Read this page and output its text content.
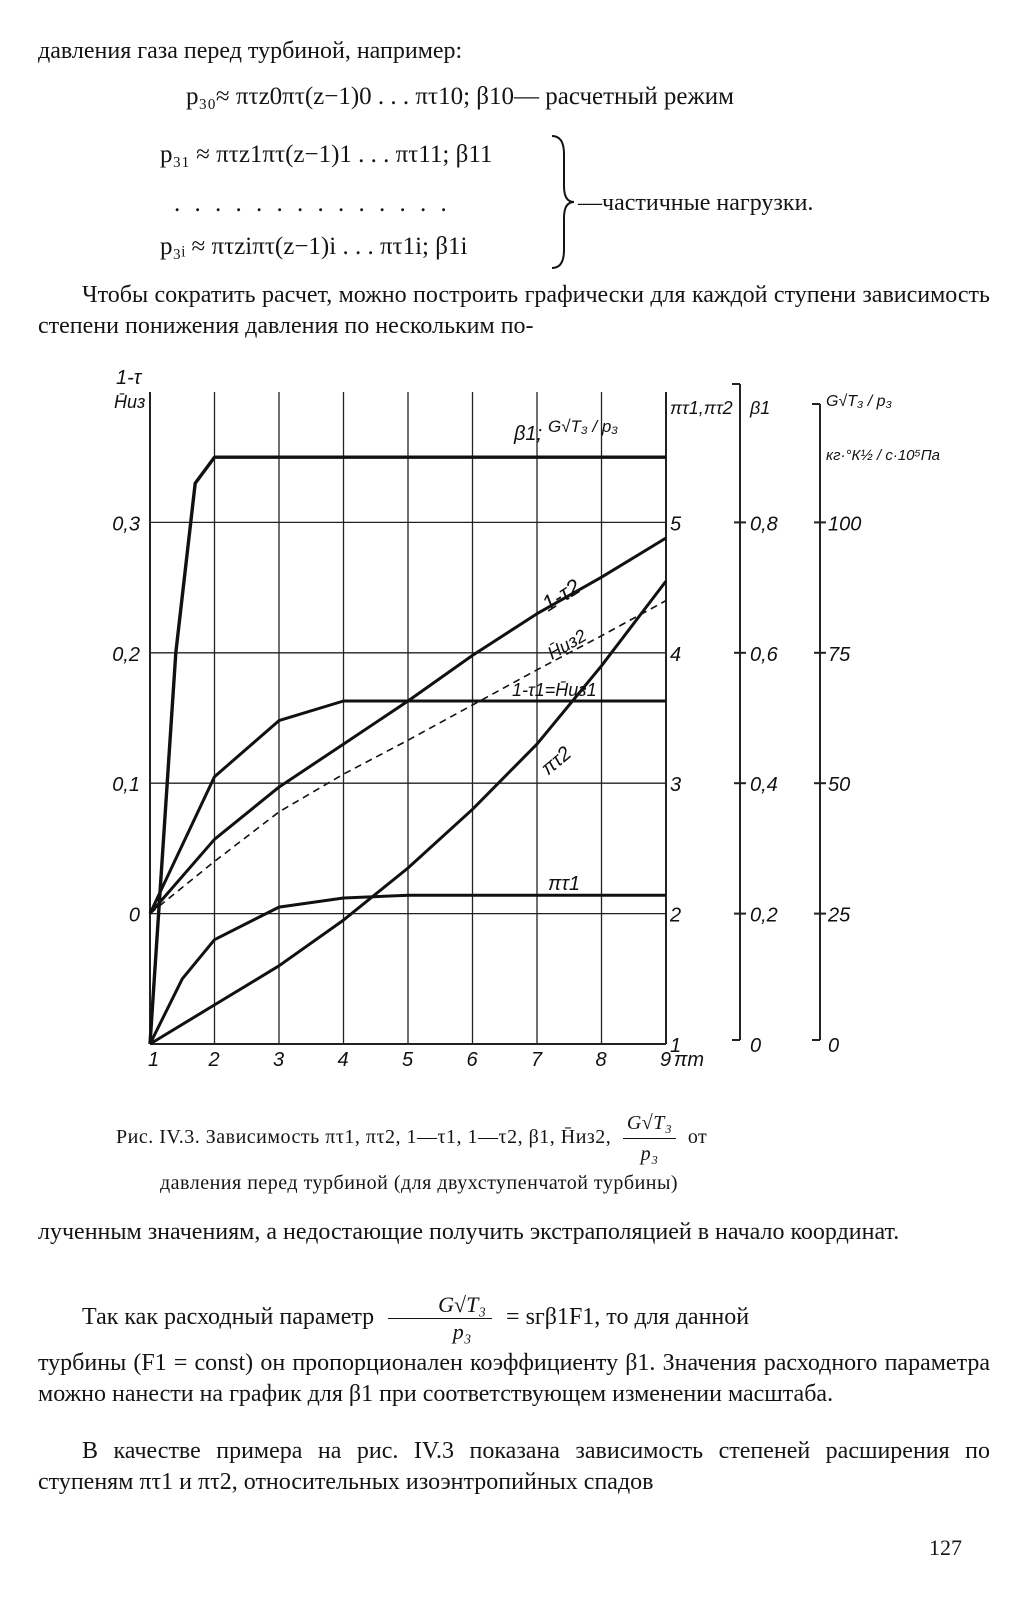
давления газа перед турбиной, например:

p₃₀≈ πτz0πτ(z−1)0 . . . πτ10; β10— расчетный режим
p₃₁ ≈ πτz1πτ(z−1)1 . . . πτ11; β11
. . . . . . . . . . . . . .
p₃ᵢ ≈ πτziπτ(z−1)i . . . πτ1i; β1i
—частичные нагрузки.

Чтобы сократить расчет, можно построить графически для каждой ступени зависимость степени понижения давления по нескольким по-

0,3
0,2
0,1
0
1-τ
H̄из
5
4
3
2
1
πτ1,πτ2
0,8
0,6
0,4
0,2
0
β1
100
75
50
25
0
G√T₃ / p₃
кг·°К½ / с·10⁵Па
1 2	3	4	5	6	7	8	9 πт
β1; G√T₃ / p₃
1-τ2
H̄из2
1-τ1=H̄из1
πτ2
πτ1
Рис. IV.3. Зависимость πτ1, πτ2, 1—τ1, 1—τ2, β1, H̄из2, $\frac{\text{G√T₃}}{\text{p₃}}$ от
давления перед турбиной (для двухступенчатой турбины)

лученным значениям, а недостающие получить экстраполяцией в начало координат.

Так как расходный параметр $\frac{\text{G√T₃}}{\text{p₃}} = sг\beta 1F1$, то для данной

турбины (F1 = const) он пропорционален коэффициенту β1. Значения расходного параметра можно нанести на график для β1 при соответствующем изменении масштаба.

В качестве примера на рис. IV.3 показана зависимость степеней расширения по ступеням πτ1 и πτ2, относительных изоэнтропийных спадов

127
